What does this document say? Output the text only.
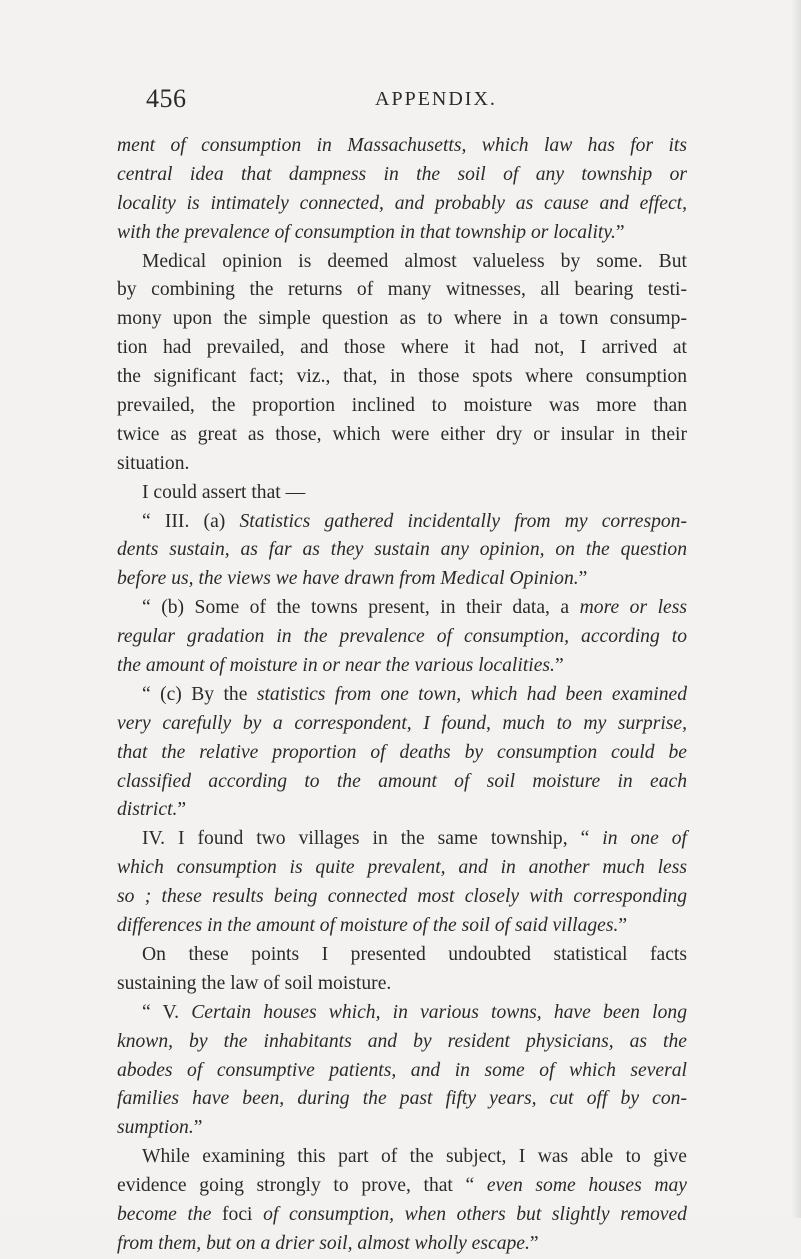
456	APPENDIX.
ment of consumption in Massachusetts, which law has for its
central idea that dampness in the soil of any township or
locality is intimately connected, and probably as cause and effect,
with the prevalence of consumption in that township or locality.”
Medical opinion is deemed almost valueless by some. But
by combining the returns of many witnesses, all bearing testi-
mony upon the simple question as to where in a town consump-
tion had prevailed, and those where it had not, I arrived at
the significant fact; viz., that, in those spots where consumption
prevailed, the proportion inclined to moisture was more than
twice as great as those, which were either dry or insular in their
situation.
I could assert that —
“ III. (a) Statistics gathered incidentally from my correspon-
dents sustain, as far as they sustain any opinion, on the question
before us, the views we have drawn from Medical Opinion.”
“ (b) Some of the towns present, in their data, a more or less
regular gradation in the prevalence of consumption, according to
the amount of moisture in or near the various localities.”
“ (c) By the statistics from one town, which had been examined
very carefully by a correspondent, I found, much to my surprise,
that the relative proportion of deaths by consumption could be
classified according to the amount of soil moisture in each
district.”
IV. I found two villages in the same township, “ in one of
which consumption is quite prevalent, and in another much less
so ; these results being connected most closely with corresponding
differences in the amount of moisture of the soil of said villages.”
On these points I presented undoubted statistical facts
sustaining the law of soil moisture.
“ V. Certain houses which, in various towns, have been long
known, by the inhabitants and by resident physicians, as the
abodes of consumptive patients, and in some of which several
families have been, during the past fifty years, cut off by con-
sumption.”
While examining this part of the subject, I was able to give
evidence going strongly to prove, that “ even some houses may
become the foci of consumption, when others but slightly removed
from them, but on a drier soil, almost wholly escape.”
